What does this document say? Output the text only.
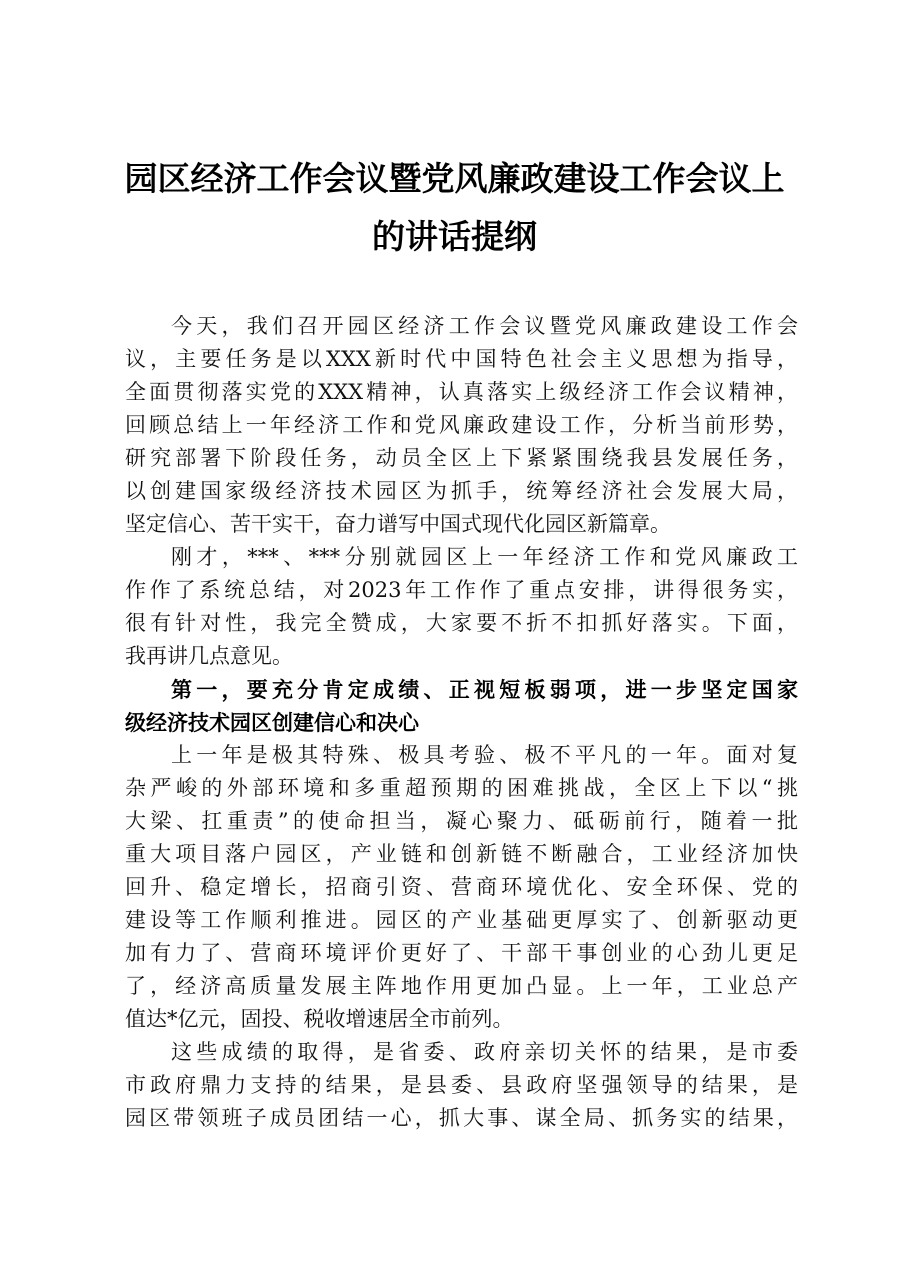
园区经济工作会议暨党风廉政建设工作会议上
的讲话提纲
今天，我们召开园区经济工作会议暨党风廉政建设工作会
议，主要任务是以XXX新时代中国特色社会主义思想为指导，
全面贯彻落实党的XXX精神，认真落实上级经济工作会议精神，
回顾总结上一年经济工作和党风廉政建设工作，分析当前形势，
研究部署下阶段任务，动员全区上下紧紧围绕我县发展任务，
以创建国家级经济技术园区为抓手，统筹经济社会发展大局，
坚定信心、苦干实干，奋力谱写中国式现代化园区新篇章。
刚才，***、***分别就园区上一年经济工作和党风廉政工
作作了系统总结，对2023年工作作了重点安排，讲得很务实，
很有针对性，我完全赞成，大家要不折不扣抓好落实。下面，
我再讲几点意见。
第一，要充分肯定成绩、正视短板弱项，进一步坚定国家
级经济技术园区创建信心和决心
上一年是极其特殊、极具考验、极不平凡的一年。面对复
杂严峻的外部环境和多重超预期的困难挑战，全区上下以“挑
大梁、扛重责”的使命担当，凝心聚力、砥砺前行，随着一批
重大项目落户园区，产业链和创新链不断融合，工业经济加快
回升、稳定增长，招商引资、营商环境优化、安全环保、党的
建设等工作顺利推进。园区的产业基础更厚实了、创新驱动更
加有力了、营商环境评价更好了、干部干事创业的心劲儿更足
了，经济高质量发展主阵地作用更加凸显。上一年，工业总产
值达*亿元，固投、税收增速居全市前列。
这些成绩的取得，是省委、政府亲切关怀的结果，是市委
市政府鼎力支持的结果，是县委、县政府坚强领导的结果，是
园区带领班子成员团结一心，抓大事、谋全局、抓务实的结果，
